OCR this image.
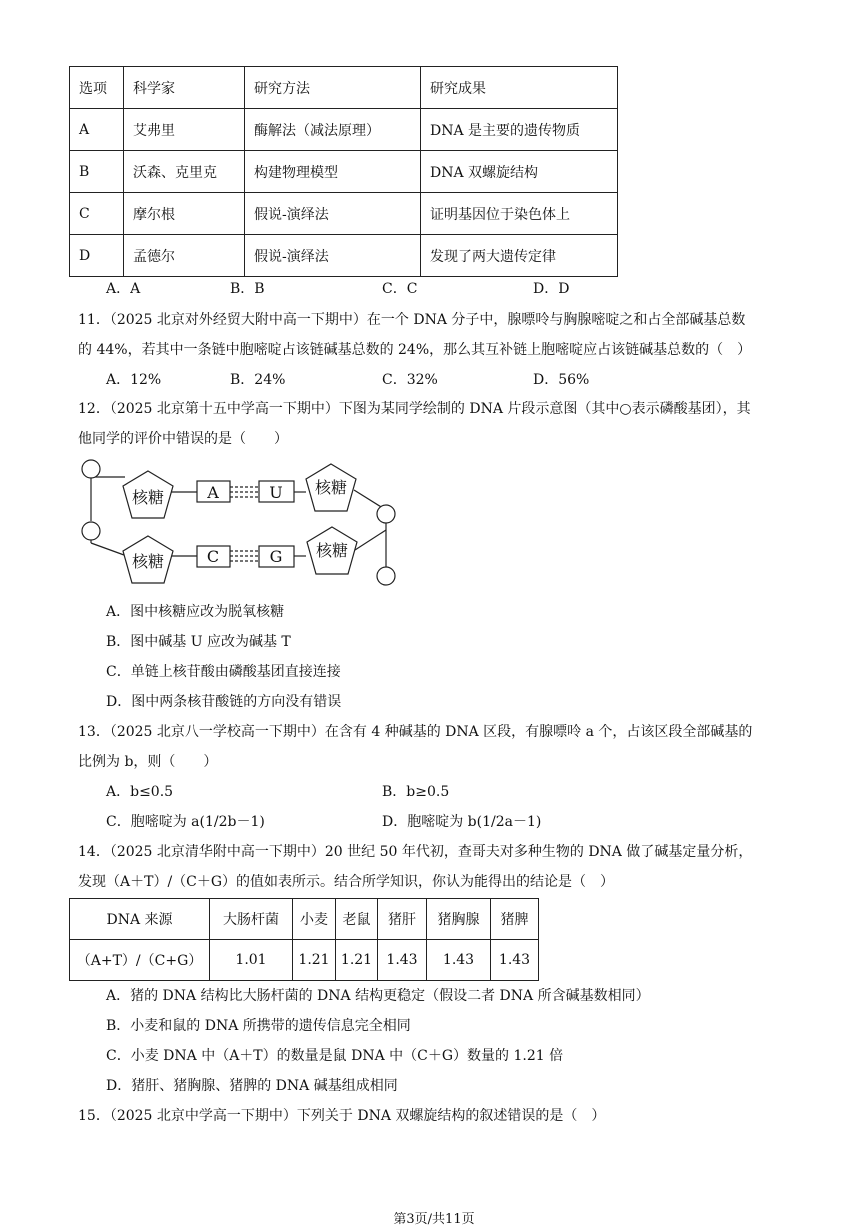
选项	科学家	研究方法	研究成果
A	艾弗里	酶解法（减法原理）	DNA 是主要的遗传物质
B	沃森、克里克	构建物理模型	DNA 双螺旋结构
C	摩尔根	假说-演绎法	证明基因位于染色体上
D	孟德尔	假说-演绎法	发现了两大遗传定律
A．A	B．B	C．C	D．D
11．（2025 北京对外经贸大附中高一下期中）在一个 DNA 分子中，腺嘌呤与胸腺嘧啶之和占全部碱基总数
的 44%，若其中一条链中胞嘧啶占该链碱基总数的 24%，那么其互补链上胞嘧啶应占该链碱基总数的（　）
A．12%	B．24%	C．32%	D．56%
12．（2025 北京第十五中学高一下期中）下图为某同学绘制的 DNA 片段示意图（其中○表示磷酸基团），其
他同学的评价中错误的是（　　）
核糖
核糖
核糖
核糖
A	U
C	G
A．图中核糖应改为脱氧核糖
B．图中碱基 U 应改为碱基 T
C．单链上核苷酸由磷酸基团直接连接
D．图中两条核苷酸链的方向没有错误
13．（2025 北京八一学校高一下期中）在含有 4 种碱基的 DNA 区段，有腺嘌呤 a 个，占该区段全部碱基的
比例为 b，则（　　）
A．b≤0.5	B．b≥0.5
C．胞嘧啶为 a(1/2b－1)	D．胞嘧啶为 b(1/2a－1)
14．（2025 北京清华附中高一下期中）20 世纪 50 年代初，查哥夫对多种生物的 DNA 做了碱基定量分析，
发现（A＋T）/（C＋G）的值如表所示。结合所学知识，你认为能得出的结论是（　）
DNA 来源	大肠杆菌	小麦	老鼠	猪肝	猪胸腺	猪脾
（A+T）/（C+G）	1.01	1.21	1.21	1.43	1.43	1.43
A．猪的 DNA 结构比大肠杆菌的 DNA 结构更稳定（假设二者 DNA 所含碱基数相同）
B．小麦和鼠的 DNA 所携带的遗传信息完全相同
C．小麦 DNA 中（A＋T）的数量是鼠 DNA 中（C＋G）数量的 1.21 倍
D．猪肝、猪胸腺、猪脾的 DNA 碱基组成相同
15．（2025 北京中学高一下期中）下列关于 DNA 双螺旋结构的叙述错误的是（　）
第3页/共11页
